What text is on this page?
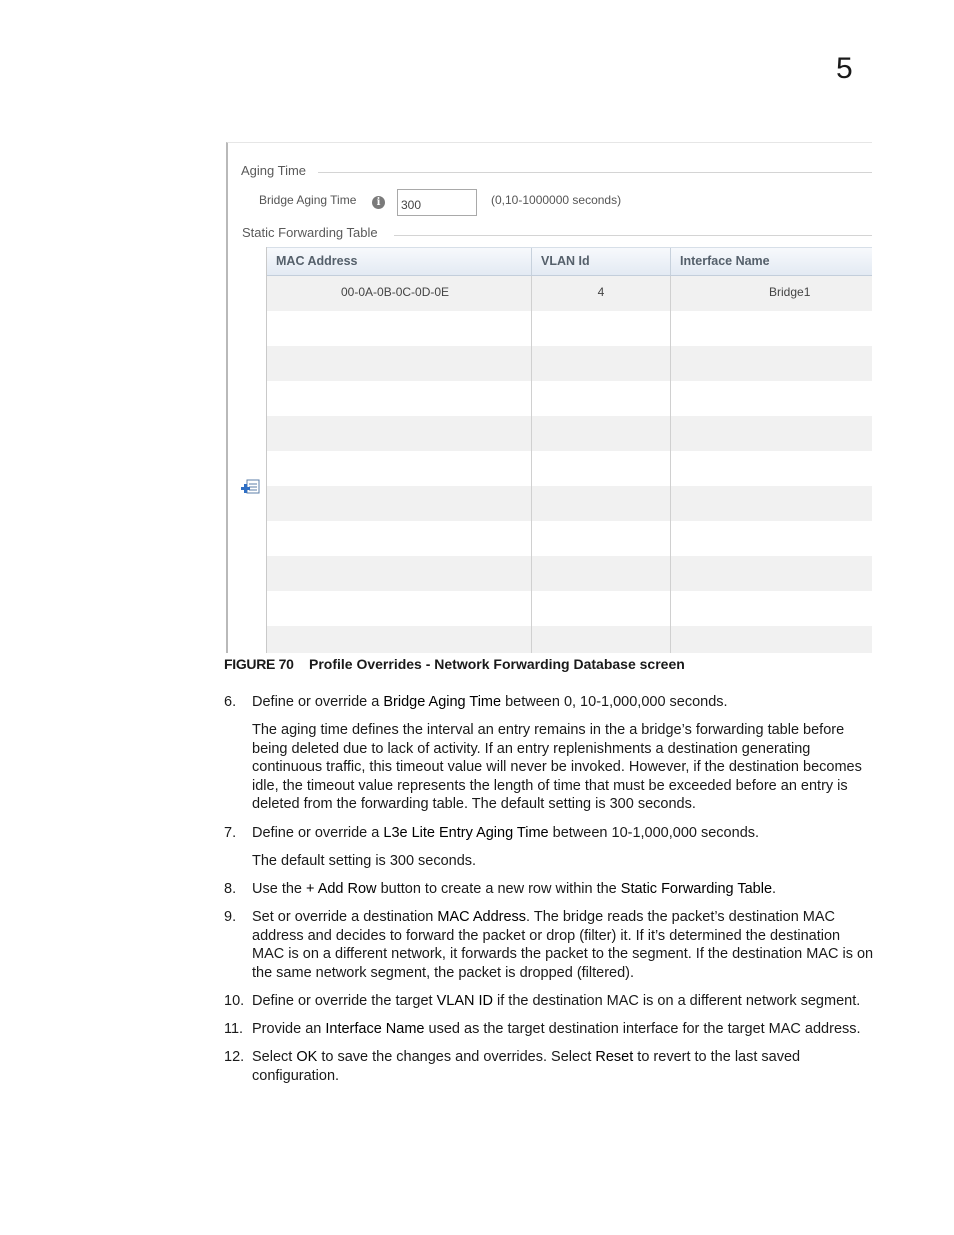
5
Aging Time
Bridge Aging Time	i
300	(0,10-1000000 seconds)
Static Forwarding Table
MAC Address	VLAN Id	Interface Name
00-0A-0B-0C-0D-0E	4	Bridge1
FIGURE 70 Profile Overrides - Network Forwarding Database screen
6. Define or override a Bridge Aging Time between 0, 10-1,000,000 seconds.
The aging time defines the interval an entry remains in the a bridge’s forwarding table before being deleted due to lack of activity. If an entry replenishments a destination generating continuous traffic, this timeout value will never be invoked. However, if the destination becomes idle, the timeout value represents the length of time that must be exceeded before an entry is deleted from the forwarding table. The default setting is 300 seconds.
7. Define or override a L3e Lite Entry Aging Time between 10-1,000,000 seconds.
The default setting is 300 seconds.
8. Use the + Add Row button to create a new row within the Static Forwarding Table.
9. Set or override a destination MAC Address. The bridge reads the packet’s destination MAC address and decides to forward the packet or drop (filter) it. If it’s determined the destination MAC is on a different network, it forwards the packet to the segment. If the destination MAC is on the same network segment, the packet is dropped (filtered).
10. Define or override the target VLAN ID if the destination MAC is on a different network segment.
11. Provide an Interface Name used as the target destination interface for the target MAC address.
12. Select OK to save the changes and overrides. Select Reset to revert to the last saved configuration.
